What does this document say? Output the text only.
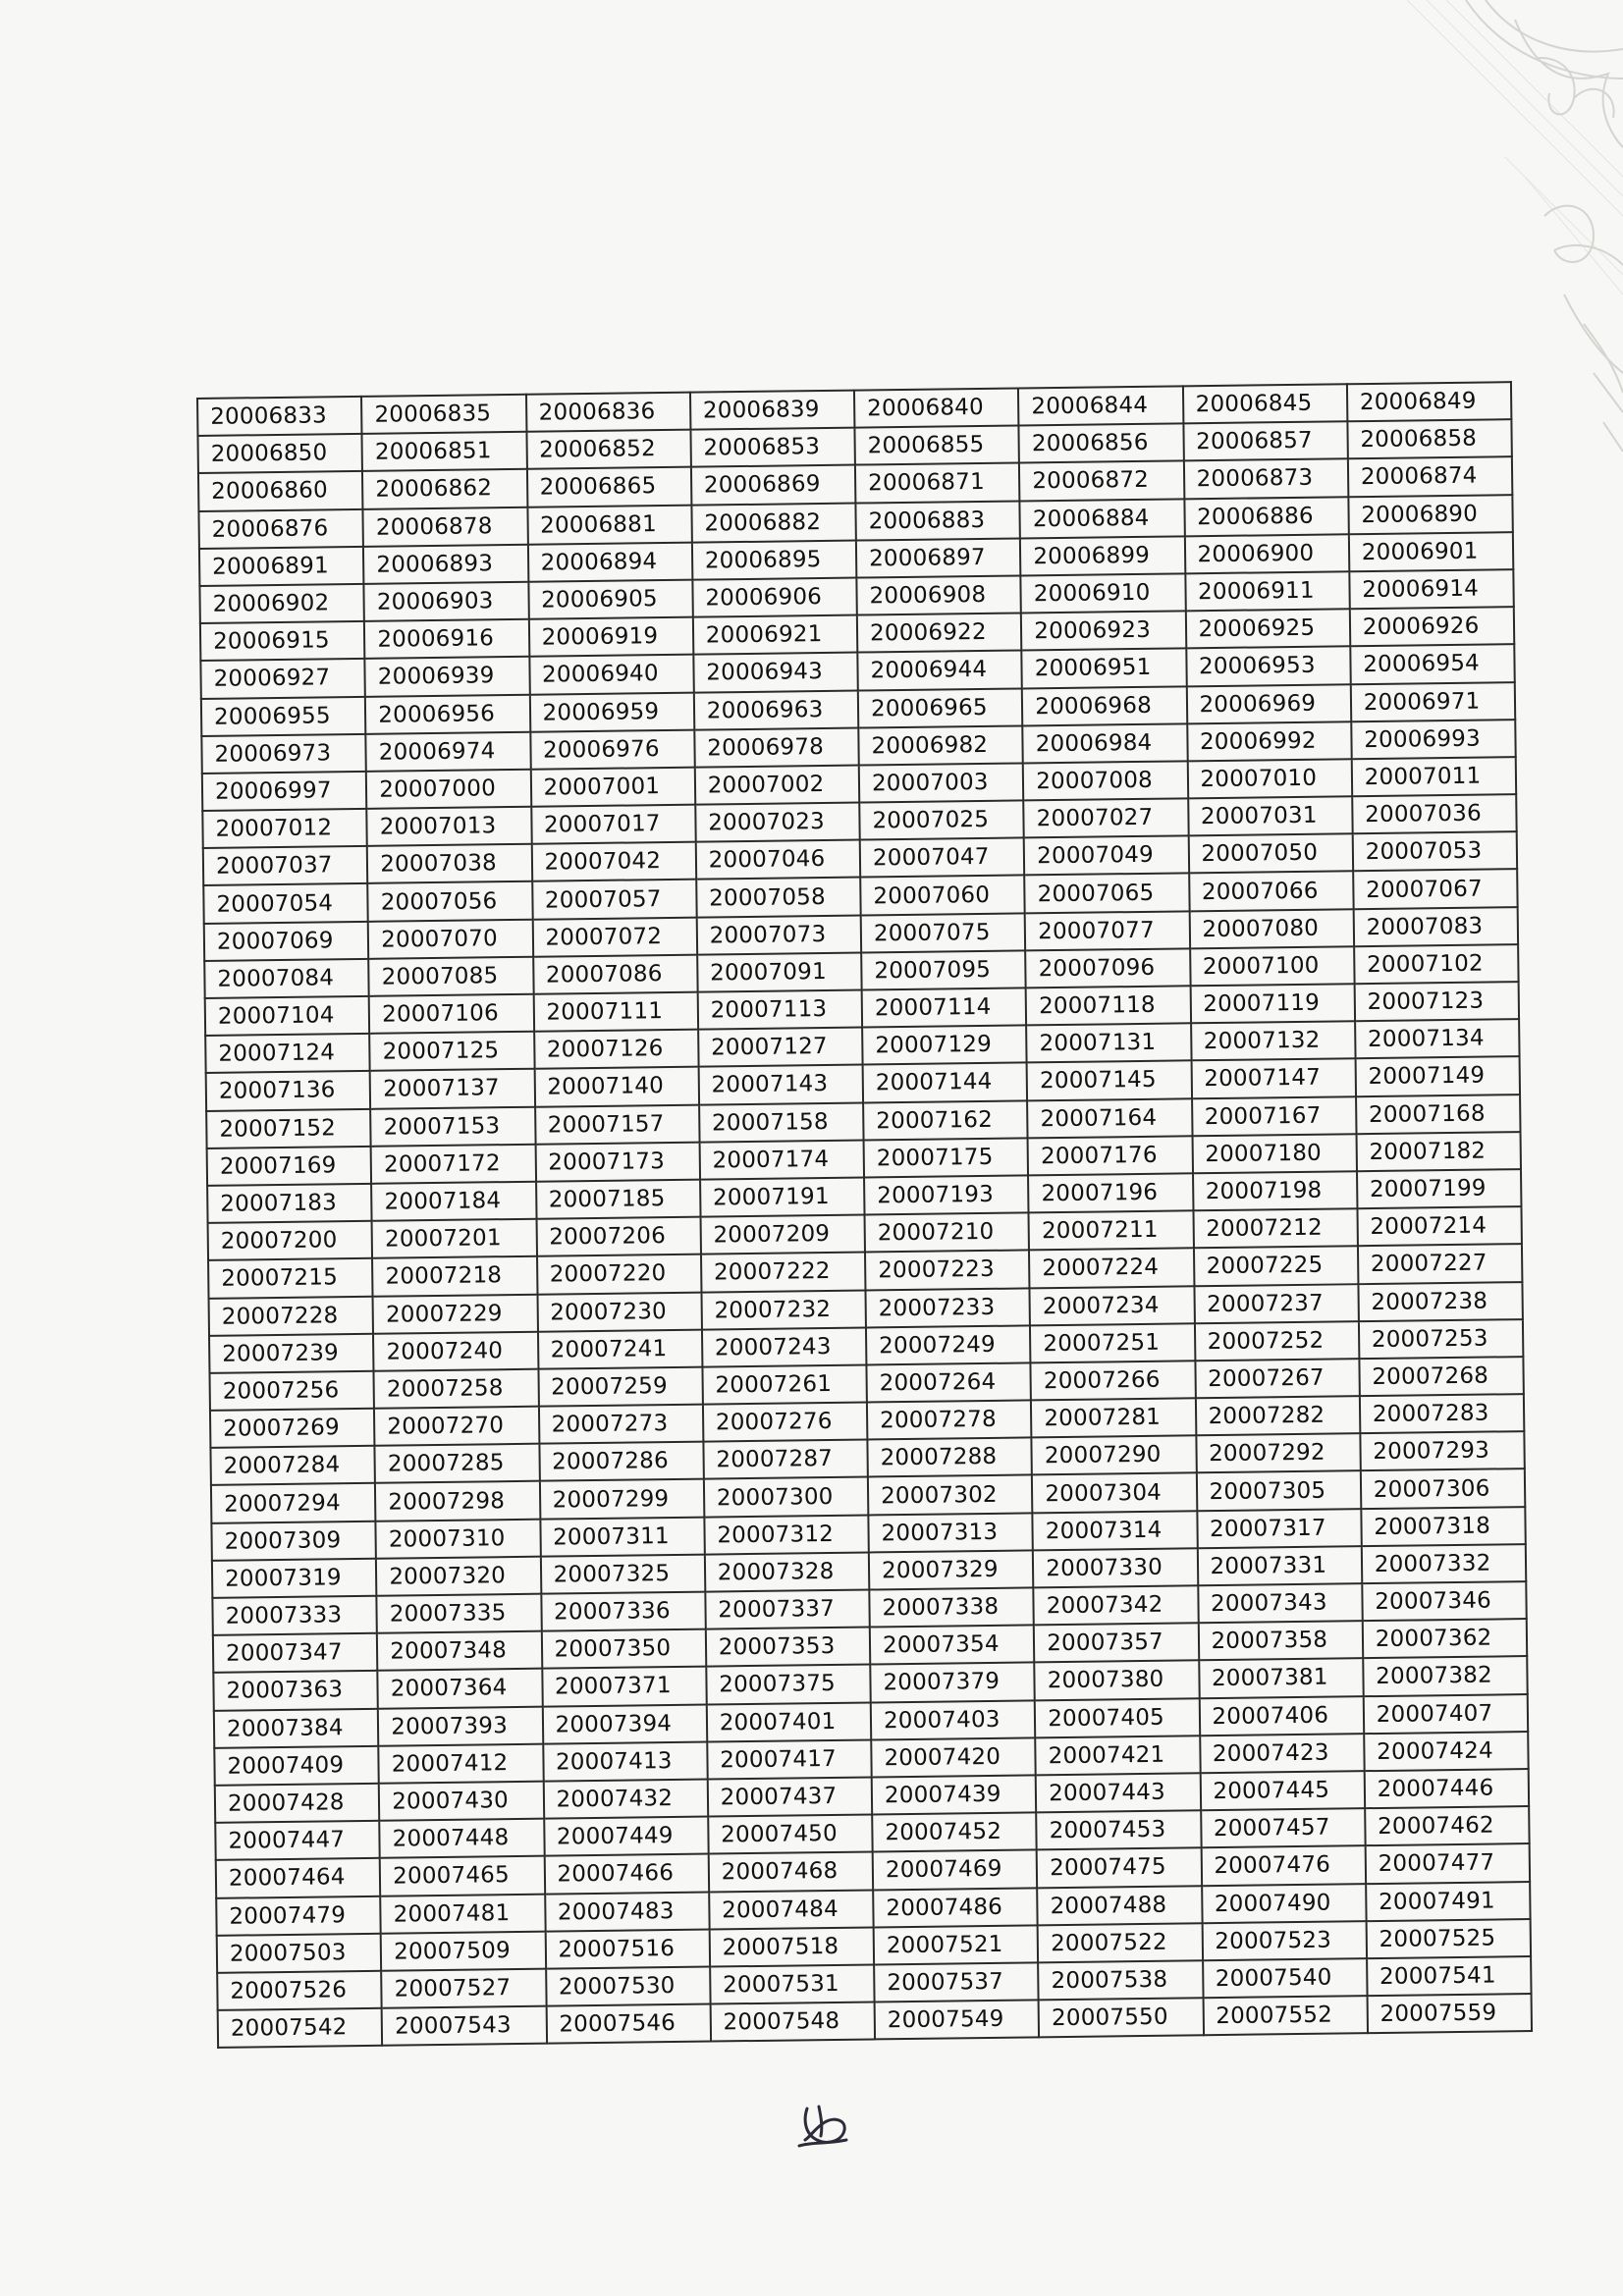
20006833	20006835	20006836	20006839	20006840	20006844	20006845	20006849
20006850	20006851	20006852	20006853	20006855	20006856	20006857	20006858
20006860	20006862	20006865	20006869	20006871	20006872	20006873	20006874
20006876	20006878	20006881	20006882	20006883	20006884	20006886	20006890
20006891	20006893	20006894	20006895	20006897	20006899	20006900	20006901
20006902	20006903	20006905	20006906	20006908	20006910	20006911	20006914
20006915	20006916	20006919	20006921	20006922	20006923	20006925	20006926
20006927	20006939	20006940	20006943	20006944	20006951	20006953	20006954
20006955	20006956	20006959	20006963	20006965	20006968	20006969	20006971
20006973	20006974	20006976	20006978	20006982	20006984	20006992	20006993
20006997	20007000	20007001	20007002	20007003	20007008	20007010	20007011
20007012	20007013	20007017	20007023	20007025	20007027	20007031	20007036
20007037	20007038	20007042	20007046	20007047	20007049	20007050	20007053
20007054	20007056	20007057	20007058	20007060	20007065	20007066	20007067
20007069	20007070	20007072	20007073	20007075	20007077	20007080	20007083
20007084	20007085	20007086	20007091	20007095	20007096	20007100	20007102
20007104	20007106	20007111	20007113	20007114	20007118	20007119	20007123
20007124	20007125	20007126	20007127	20007129	20007131	20007132	20007134
20007136	20007137	20007140	20007143	20007144	20007145	20007147	20007149
20007152	20007153	20007157	20007158	20007162	20007164	20007167	20007168
20007169	20007172	20007173	20007174	20007175	20007176	20007180	20007182
20007183	20007184	20007185	20007191	20007193	20007196	20007198	20007199
20007200	20007201	20007206	20007209	20007210	20007211	20007212	20007214
20007215	20007218	20007220	20007222	20007223	20007224	20007225	20007227
20007228	20007229	20007230	20007232	20007233	20007234	20007237	20007238
20007239	20007240	20007241	20007243	20007249	20007251	20007252	20007253
20007256	20007258	20007259	20007261	20007264	20007266	20007267	20007268
20007269	20007270	20007273	20007276	20007278	20007281	20007282	20007283
20007284	20007285	20007286	20007287	20007288	20007290	20007292	20007293
20007294	20007298	20007299	20007300	20007302	20007304	20007305	20007306
20007309	20007310	20007311	20007312	20007313	20007314	20007317	20007318
20007319	20007320	20007325	20007328	20007329	20007330	20007331	20007332
20007333	20007335	20007336	20007337	20007338	20007342	20007343	20007346
20007347	20007348	20007350	20007353	20007354	20007357	20007358	20007362
20007363	20007364	20007371	20007375	20007379	20007380	20007381	20007382
20007384	20007393	20007394	20007401	20007403	20007405	20007406	20007407
20007409	20007412	20007413	20007417	20007420	20007421	20007423	20007424
20007428	20007430	20007432	20007437	20007439	20007443	20007445	20007446
20007447	20007448	20007449	20007450	20007452	20007453	20007457	20007462
20007464	20007465	20007466	20007468	20007469	20007475	20007476	20007477
20007479	20007481	20007483	20007484	20007486	20007488	20007490	20007491
20007503	20007509	20007516	20007518	20007521	20007522	20007523	20007525
20007526	20007527	20007530	20007531	20007537	20007538	20007540	20007541
20007542	20007543	20007546	20007548	20007549	20007550	20007552	20007559
